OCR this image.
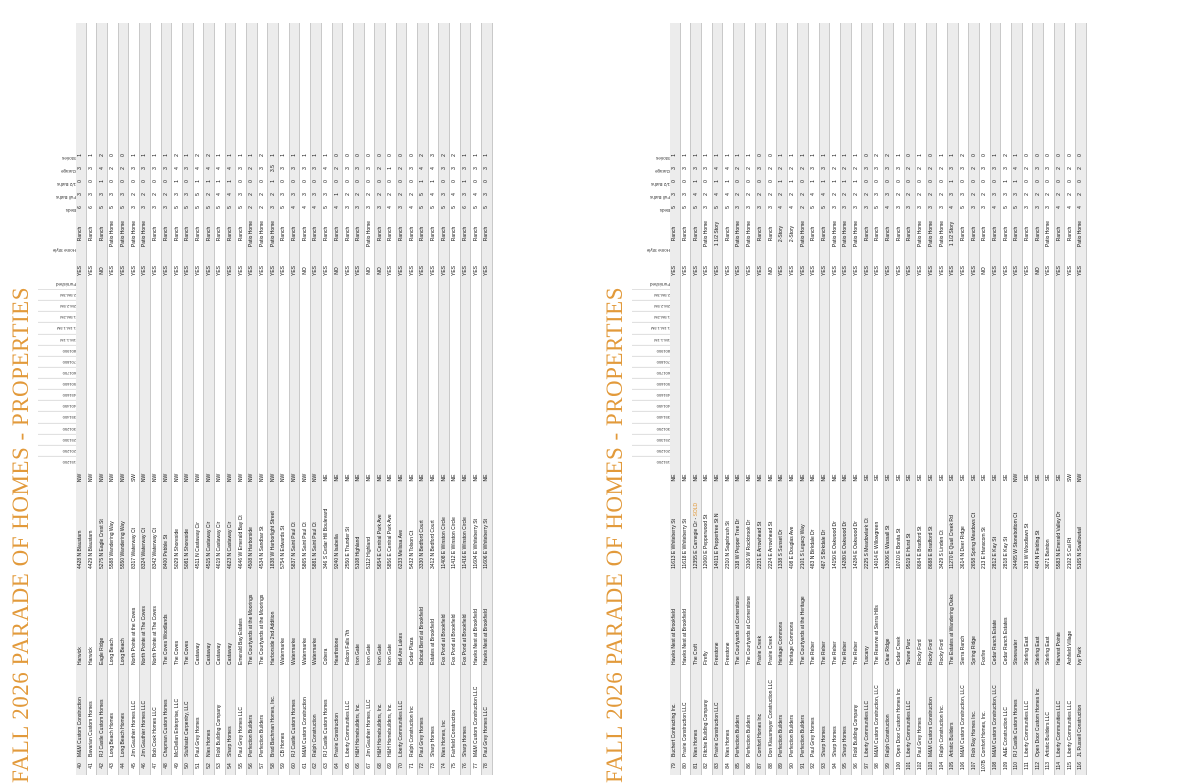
FALL 2026 PARADE OF HOMES - PROPERTIES	151200
201250
251300
301250
351400
401450
451600
501600
601700
701800
801900
1M-1.1M
1.1M-1.5M
1.5M-2M
2M-2.5M
2.5M-3M
Furnished
Home Style
Beds
Full Baths
1/2 Baths
Garage
Stories
40
M&M Custom Construction
Harwick
4428 N Blaustam
NW
YES
Ranch
6
3
0
3
1
41
Bavarian Custom Homes
Harwick
4429 N Blaustam
NW
YES
Ranch
6
3
0
3
1
42
RJ Castle Custom Homes
Eagle Ridge
5275 N Eagle Crest St
NW
NO
Ranch
5
3
1
4
2
43
Long Beach Homes
Long Beach
5588 Wandering Way
NW
YES
Patio Home
5
3
0
2
0
44
Long Beach Homes
Long Beach
5550 Wandering Way
NW
YES
Patio Home
5
3
0
2
0
45
Jim Gauthier Homes LLC
North Pointe at the Coves
8317 Waterway Ct
SW
YES
Patio Home
3
2
0
3
1
46
Jim Gauthier Homes LLC
North Pointe at The Coves
8324 Waterway Ct
NW
YES
Patio Home
3
2
0
3
1
47
Bob Cook Homes LLC
North Pointe at The Coves
8342 Waterway Ct
NW
YES
Ranch
3
2
0
3
1
48
Chapman Custom Homes
The Coves Woodlands
8400 Pebble St
NW
YES
Ranch
3
2
0
3
1
49
McClellan Enterprise, LLC
The Coves
5029 N Shoreside
NW
YES
Ranch
5
3
1
4
2
50
Stuhlsatz Carpentry, LLC
The Coves
5081 N Shoreside
NW
YES
Ranch
5
3
0
3
1
51
Paul Grey Homes
Castaway
4511 N Castaway Cir
NW
YES
Ranch
5
5
1
4
2
52
Nies Homes
Castaway
4515 N Castaway Cir
NW
YES
Ranch
5
2
1
4
2
53
Robl Building Company
Castaway
4619 N Castaway Cir
NW
YES
Ranch
5
4
1
4
1
54
Sharp Homes
Castaway
4623 N Castaway Cir
NW
YES
Ranch
5
4
1
4
1
55
Paul Grey Homes LLC
Emerald Bay Estates
4646 W Emerald Bay Ct
NW
YES
Ranch
5
3
0
3
1
56
Perfection Builders
The Courtyards at the Moorings
4508 N Harborside
NW
YES
Patio Home
2
2
0
2
1
57
Perfection Builders
The Courtyards at the Moorings
4534 N Sandbar St
NW
YES
Patio Home
2
2
0
3
2
58
Brad Bachman Homes, Inc.
Harborside 2nd Addition
1838 W Harborlight Street
NW
YES
Patio Home
3
2
1
3.5
1
59
CB Homes
Watermarke
5754 N Edwards St
NW
YES
Ranch
5
3
0
3
1
60
RJ Castle Custom Homes
Watermarke
5837 N Saint Paul Ct
NW
YES
Ranch
4
3
0
3
1
61
M&M Custom Construction
Watermarke
5865 N Saint Paul Ct
NW
NO
Ranch
4
3
0
3
1
62
Ralph Construction
Watermarke
5881 N Saint Paul Ct
NW
YES
Ranch
4
3
0
3
1
63
RJ Castle Custom Homes
Cobera
346 S Cedar Hill Boulevard
NE
YES
Ranch
5
3
0
4
1
64
Prairie Construction
Hearthstone
9240 N Isabella
NE
NO
Ranch
4
1
0
2
0
65
Liberty Communities LLC
Falcon Falls 7th
2550 E Thunder St
NE
YES
Ranch
3
2
0
3
0
66
H&H Homebuilders, Inc.
Iron Gate
5108 Highland
NE
YES
Ranch
3
2
0
3
0
67
Jim Gauthier Homes, LLC
Iron Gate
5112 Highland
NE
NO
Patio Home
3
2
0
3
0
68
H&H Homebuilders, Inc.
Iron Gate
5654 E Central Park Ave
NE
NO
Ranch
3
2
0
2
0
69
H&H Homebuilders, Inc.
Iron Gate
5856 E Central Park Ave
NE
YES
Ranch
4
2
0
1
0
70
Liberty Communities LLC
Bel Aire Lakes
6233 Melissa Ave
NE
YES
Ranch
3
2
0
2
0
71
Ralph Construction Inc
Cedar Plaza
5432 N Tolson Ct
NE
YES
Ranch
4
2
0
3
0
72
Paul Grey Homes
Bobcat Bend at Brookfield
3330 N Bedford Court
NE
YES
Ranch
5
5
1
4
2
73
Sharp Homes
Estates at Brookfield
3412 N Bedford Court
NE
YES
Ranch
5
4
1
4
3
74
Nies Homes, Inc
Fox Pond at Brookfield
11408 E Winston Circle
NE
YES
Ranch
5
3
0
3
2
75
Fairfield Construction
Fox Pond at Brookfield
11412 E Winston Circle
NE
YES
Ranch
5
4
0
3
2
76
Sharp Homes
Fox Pond at Brookfield
11416 E Winston Circle
NE
YES
Ranch
6
3
1
3
1
77
M&M Custom Construction LLC
Hawks Nest at Brookfield
11604 E Whiteberry St
NE
YES
Ranch
5
4
0
3
1
78
Paul Grey Homes LLC
Hawks Nest at Brookfield
11606 E Whiteberry St
NE
YES
Ranch
5
3
0
3
1
FALL 2026 PARADE OF HOMES - PROPERTIES	151200
201250
251300
301250
351400
401450
451600
501600
601700
701800
801900
1M-1.1M
1.1M-1.5M
1.5M-2M
2M-2.5M
2.5M-3M
Furnished
Home Style
Beds
Full Baths
1/2 Baths
Garage
Stories
79
Buchert Contracting Inc.
Hawks Nest at Brookfield
11613 E Whiteberry St
NE
YES
Ranch
5
3
0
3
1
80
Prairie Construction LLC
Hawks Nest at Brookfield
11618 E Whiteberry St
NE
YES
Ranch
5
3
0
3
1
81
Nies Homes
The Croft
12355 E Carnegie Cir - SOLD
NE
YES
Ranch
5
4
1
3
1
82
Ritchie Building Company
Firefly
12060 E Pepperwood St
NE
YES
Patio Home
3
2
0
3
1
83
Prairie Construction LLC
Freestone
14011 E Peppertree St N
NE
YES
1 1/2 Story
5
4
1
4
1
84
Nies Homes
Freestone
2310 N Sagebrush St
NE
YES
Ranch
5
4
1
4
1
85
Perfection Builders
The Courtyards at Cornerstone
318 W Pepper Tree Dr
NE
YES
Patio Home
3
2
0
2
1
86
Perfection Builders
The Courtyards at Cornerstone
3106 W Rockbrook Dr
NE
YES
Patio Home
3
2
0
2
1
87
Comfort Homes Inc
Prairie Creek
2231 E Arrowhead St
NE
YES
Ranch
3
2
0
3
0
88
Don Klausmeyer Construction LLC
Prairie Creek
2224 E Arrowhead St
NE
NO
Ranch
3
2
0
2
0
89
Perfection Builders
Heritage Commons
1338 S Sunset Dr
NE
YES
2-Story
4
2
1
2
1
90
Perfection Builders
Heritage Commons
408 E Douglas Ave
NE
YES
2-Story
4
2
1
2
1
91
Perfection Builders
The Courtyards at the Heritage
2101 S Legacy Way
NE
YES
Patio Home
2
2
0
2
1
92
Paul Grey Homes
The Reber
483 N Birkdale Dr
NE
YES
Ranch
5
4
1
3
1
93
Sharp Homes
The Reber
487 S Birkdale Dr
NE
YES
Ranch
5
4
1
3
1
94
Sharp Homes
The Reber
14150 E Oakwood Dr
NE
YES
Patio Home
3
2
1
2
1
95
Sharp Homes
The Reber
14280 E Oakwood Dr
NE
YES
Patio Home
3
2
1
2
1
96
Robl Building Company
The Reber
14284 E Oakwood Dr
NE
YES
Patio Home
3
2
1
2
1
97
Liberty Communities LLC
Tuscany
2225 S Meadowlark Ct
SE
YES
Ranch
3
2
0
3
0
98
M&M Custom Construction, LLC
The Reserve at Sierra Hills
14014 E Willowgreen
SE
YES
Ranch
5
3
0
3
2
99
Ralph Construction
Clear Ridge
13006 E Wassall St
SE
YES
Ranch
4
3
0
3
2
100
Open Door Custom Homes Inc
Cedar Creek
10710 E Bonita St
SE
YES
Ranch
3
2
0
3
1
101
Liberty Communities LLC
Towne Parc
9519 E Hurst St
SE
YES
Ranch
3
2
0
2
0
102
Paul Grey Homes
Rocky Ford
8684 E Bradford St
SE
YES
Patio Home
3
2
0
2
1
103
M&M Custom Construction
Rocky Ford
8688 E Bradford St
SE
YES
Patio Home
3
2
0
2
0
104
Ralph Construction Inc.
Rocky Ford
3429 S Linden Ct
SE
YES
Patio Home
3
2
0
2
1
105
Artistic Builders
The Estates at Wandering Oaks
11270 E Quail Creek Rd
SE
YES
1 1/2 Story
4
3
1
3
1
106
M&M Custom Construction, LLC
Sierra Ranch
3614 N Deer Ridge
SE
YES
Ranch
5
3
0
3
2
107
Rob Ray Homes Inc.
Spring Ridge
2658 Spring Meadows Ct
SE
YES
Ranch
3
2
0
2
0
107B
Comfort Homes, Inc.
Foxfire
213 E Hanscom St
SE
NO
Ranch
3
2
0
3
0
108
M&M Custom Construction, LLC
Cedar Ranch Estate
2812 E Kay St
SE
YES
Ranch
4
3
0
3
1
109
A&E Construction LLC
Cedar Ranch Estates
2818 E Kay St
SE
YES
Ranch
5
3
1
3
2
110
RJ Castle Custom Homes
Stonewater
24465 W Stonebottom Ct
NW
YES
Ranch
5
3
1
4
1
111
Liberty Communities LLC
Sterling East
319 W Woodlawn St
SE
YES
Ranch
3
2
0
2
0
112
Open Door Custom Homes Inc
Sterling East
404 N Fielding St
SE
NO
Ranch
3
2
0
3
0
113
Artistic Builders LLC
Sterling East
3671 Bainton
SE
YES
Patio Home
3
2
0
3
0
114
Liberty Communities LLC
Harvest Pointe
5583 N Emerald Valley Dr
SE
YES
Ranch
4
2
0
2
0
115
Liberty Communities LLC
Ashfield Village
2102 S Cal Rt
SW
YES
Ranch
4
2
0
2
0
116
JL Russell Construction
Ivy Park
5165 N Swallowtail
NW
YES
Patio Home
4
2
0
2
0
